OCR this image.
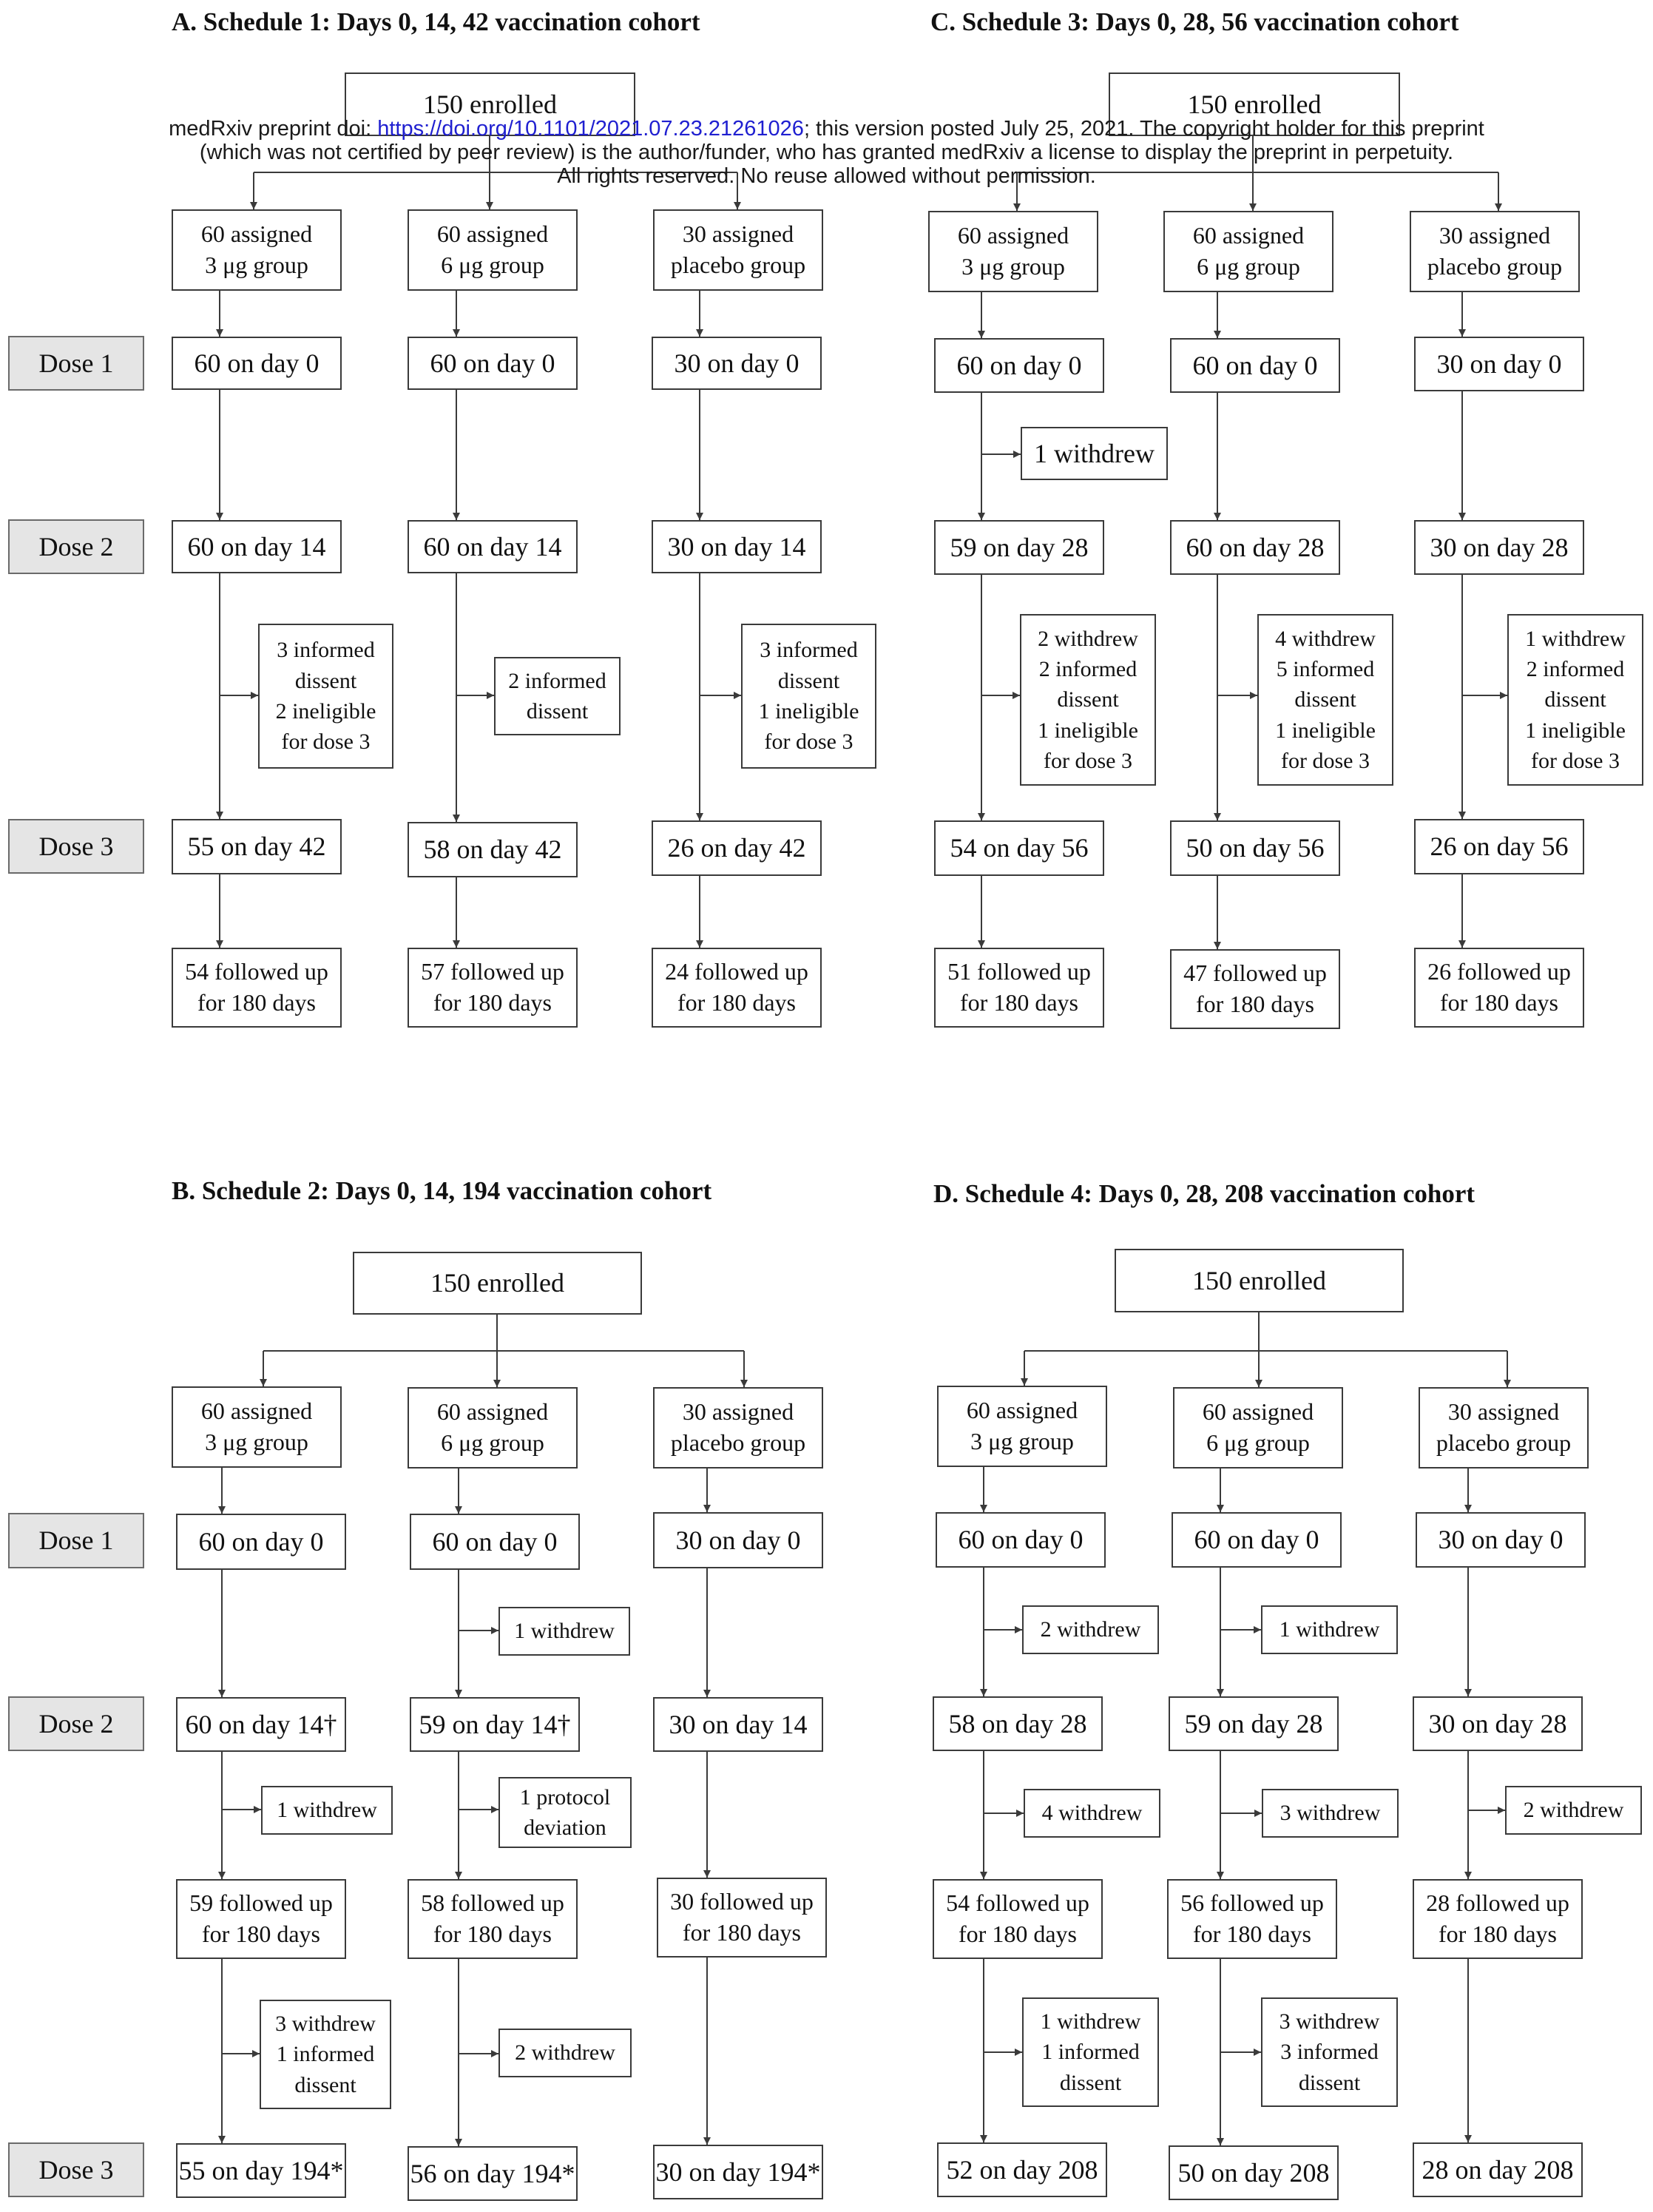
A. Schedule 1: Days 0, 14, 42 vaccination cohort	C. Schedule 3: Days 0, 28, 56 vaccination cohort
B. Schedule 2: Days 0, 14, 194 vaccination cohort	D. Schedule 4: Days 0, 28, 208 vaccination cohort
150 enrolled
Dose 1
Dose 2
Dose 3
60 assigned
3 μg group
60 assigned
6 μg group
30 assigned
placebo group
60 on day 0	60 on day 0	30 on day 0
60 on day 14	60 on day 14	30 on day 14
3 informed
dissent
2 ineligible
for dose 3
2 informed
dissent
3 informed
dissent
1 ineligible
for dose 3
55 on day 42	58 on day 42	26 on day 42
54 followed up
for 180 days
57 followed up
for 180 days
24 followed up
for 180 days
150 enrolled
60 assigned
3 μg group
60 assigned
6 μg group
30 assigned
placebo group
60 on day 0	60 on day 0	30 on day 0
1 withdrew
59 on day 28	60 on day 28	30 on day 28
2 withdrew
2 informed
dissent
1 ineligible
for dose 3
4 withdrew
5 informed
dissent
1 ineligible
for dose 3
1 withdrew
2 informed
dissent
1 ineligible
for dose 3
54 on day 56	50 on day 56	26 on day 56
51 followed up
for 180 days
47 followed up
for 180 days
26 followed up
for 180 days
150 enrolled
Dose 1
Dose 2
Dose 3
60 assigned
3 μg group
60 assigned
6 μg group
30 assigned
placebo group
60 on day 0	60 on day 0	30 on day 0
1 withdrew
60 on day 14†	59 on day 14†	30 on day 14
1 withdrew
1 protocol
deviation
59 followed up
for 180 days
58 followed up
for 180 days
30 followed up
for 180 days
3 withdrew
1 informed
dissent
2 withdrew
55 on day 194*	56 on day 194*	30 on day 194*
150 enrolled
60 assigned
3 μg group
60 assigned
6 μg group
30 assigned
placebo group
60 on day 0	60 on day 0	30 on day 0
2 withdrew	1 withdrew
58 on day 28	59 on day 28	30 on day 28
4 withdrew	3 withdrew	2 withdrew
54 followed up
for 180 days
56 followed up
for 180 days
28 followed up
for 180 days
1 withdrew
1 informed
dissent
3 withdrew
3 informed
dissent
52 on day 208	50 on day 208	28 on day 208
medRxiv preprint doi: https://doi.org/10.1101/2021.07.23.21261026; this version posted July 25, 2021. The copyright holder for this preprint
(which was not certified by peer review) is the author/funder, who has granted medRxiv a license to display the preprint in perpetuity.
All rights reserved. No reuse allowed without permission.
